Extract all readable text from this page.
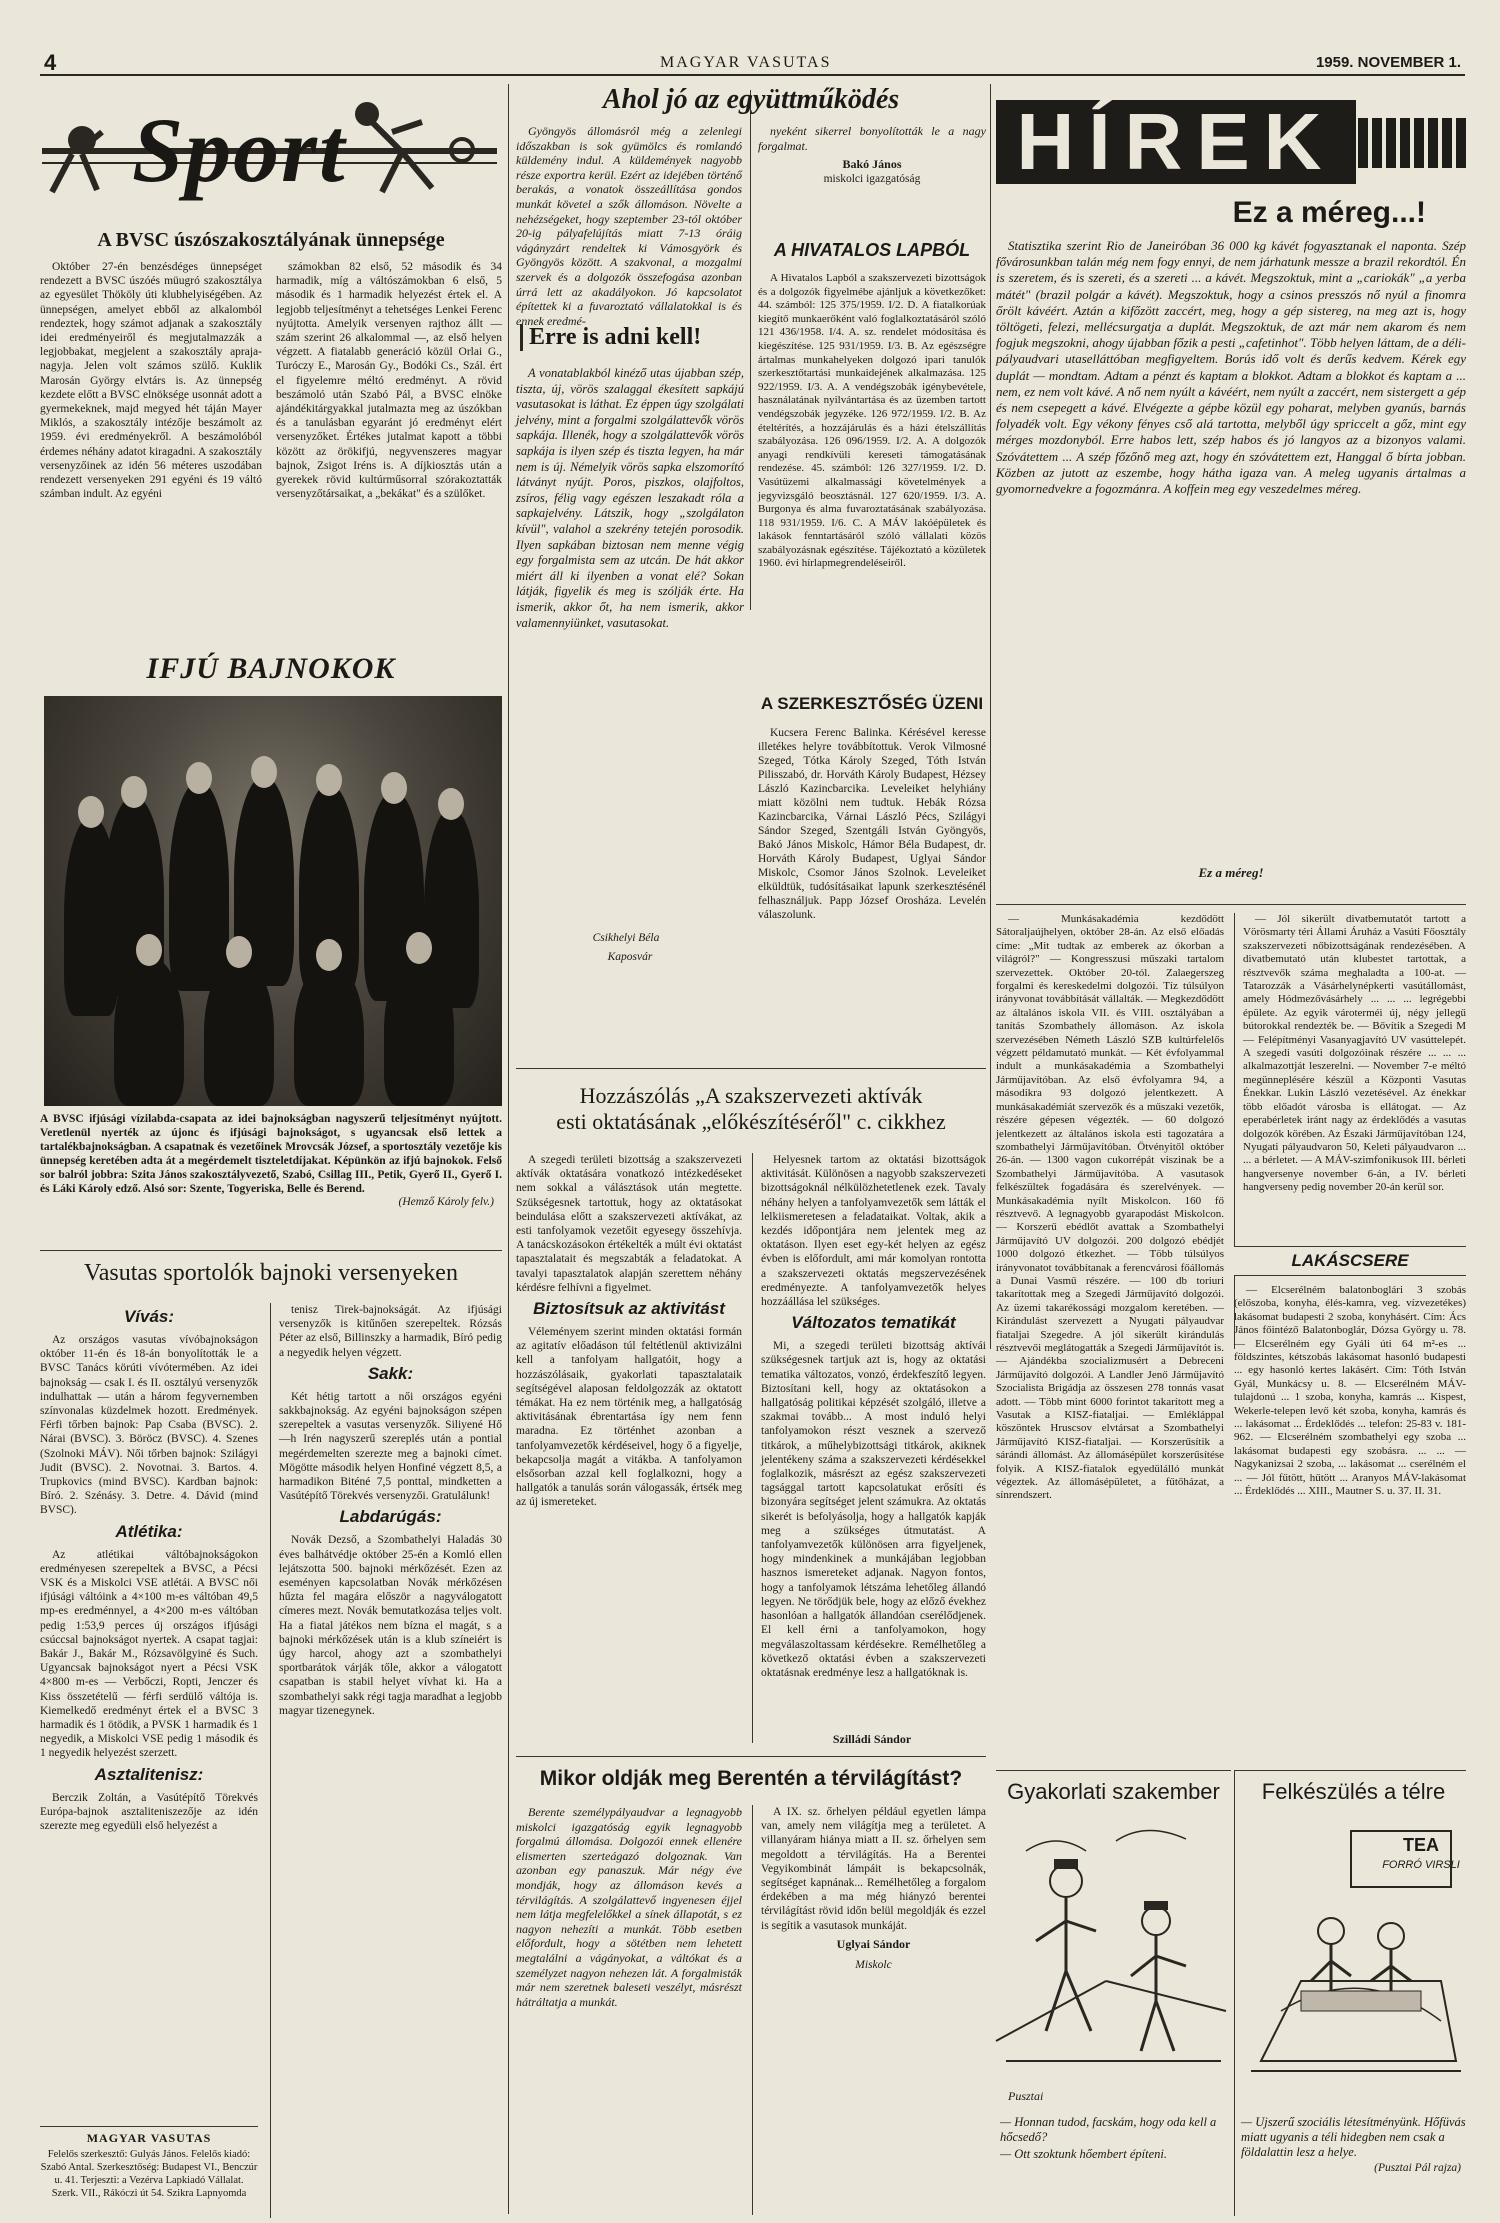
4	MAGYAR VASUTAS	1959. NOVEMBER 1.
Sport
A BVSC úszószakosztályának ünnepsége

Október 27-én benzésdéges ünnepséget rendezett a BVSC úszóés müugró szakosztálya az egyesület Thököly úti klubhelyiségében. Az ünnepségen, amelyet ebből az alkalomból rendeztek, hogy számot adjanak a szakosztály idei eredményeiről és megjutalmazzák a legjobbakat, megjelent a szakosztály apraja-nagyja. Jelen volt számos szülő. Kuklik Marosán György elvtárs is. Az ünnepség kezdete előtt a BVSC elnöksége usonnát adott a gyermekeknek, majd megyed hét táján Mayer Miklós, a szakosztály intézője beszámolt az 1959. évi eredményekről. A beszámolóból érdemes néhány adatot kiragadni. A szakosztály versenyzőinek az idén 56 méteres uszodában rendezett versenyeken 291 egyéni és 19 váltó számban indult. Az egyéni

számokban 82 első, 52 második és 34 harmadik, míg a váltószámokban 6 első, 5 második és 1 harmadik helyezést értek el. A legjobb teljesítményt a tehetséges Lenkei Ferenc nyújtotta. Amelyik versenyen rajthoz állt — szám szerint 26 alkalommal —, az első helyen végzett. A fiatalabb generáció közül Orlai G., Turóczy E., Marosán Gy., Bodóki Cs., Szál. ért el figyelemre méltó eredményt. A rövid beszámoló után Szabó Pál, a BVSC elnöke ajándékitárgyakkal jutalmazta meg az úszókban és a tanulásban egyaránt jó eredményt elért versenyzőket. Értékes jutalmat kapott a többi között az örökifjú, negyvenszeres magyar bajnok, Zsigot Iréns is. A díjkiosztás után a gyerekek rövid kultúrműsorral szórakoztatták versenyzőtársaikat, a „bekákat" és a szülőket.

IFJÚ BAJNOKOK

A BVSC ifjúsági vízilabda-csapata az idei bajnokságban nagyszerű teljesítményt nyújtott. Veretlenül nyerték az újonc és ifjúsági bajnokságot, s ugyancsak első lettek a tartalékbajnokságban. A csapatnak és vezetőinek Mrovcsák József, a sportosztály vezetője kis ünnepség keretében adta át a megérdemelt tiszteletdíjakat. Képünkön az ifjú bajnokok. Felső sor balról jobbra: Szita János szakosztályvezető, Szabó, Csillag III., Petik, Gyerő II., Gyerő I. és Láki Károly edző. Alsó sor: Szente, Togyeriska, Belle és Berend.

(Hemző Károly felv.)

Vasutas sportolók bajnoki versenyeken
Vívás:

Az országos vasutas vívóbajnokságon október 11-én és 18-án bonyolították le a BVSC Tanács körúti vívótermében. Az idei bajnokság — csak I. és II. osztályú versenyzők indulhattak — után a három fegyvernemben színvonalas küzdelmek hozott. Eredmények. Férfi tőrben bajnok: Pap Csaba (BVSC). 2. Nárai (BVSC). 3. Böröcz (BVSC). 4. Szenes (Szolnoki MÁV). Női tőrben bajnok: Szilágyi Judit (BVSC). 2. Novotnai. 3. Bartos. 4. Trupkovics (mind BVSC). Kardban bajnok: Bíró. 2. Szénásy. 3. Detre. 4. Dávid (mind BVSC).

Atlétika:

Az atlétikai váltóbajnokságokon eredményesen szerepeltek a BVSC, a Pécsi VSK és a Miskolci VSE atlétái. A BVSC női ifjúsági váltóink a 4×100 m-es váltóban 49,5 mp-es eredménnyel, a 4×200 m-es váltóban pedig 1:53,9 perces új országos ifjúsági csúccsal bajnokságot nyertek. A csapat tagjai: Bakár J., Bakár M., Rózsavölgyiné és Such. Ugyancsak bajnokságot nyert a Pécsi VSK 4×800 m-es — Verbőczi, Ropti, Jenczer és Kiss összetételű — férfi serdülő váltója is. Kiemelkedő eredményt értek el a BVSC 3 harmadik és 1 ötödik, a PVSK 1 harmadik és 1 negyedik, a Miskolci VSE pedig 1 második és 1 negyedik helyezést szerzett.

Asztalitenisz:

Berczik Zoltán, a Vasútépítő Törekvés Európa-bajnok asztaliteniszezője az idén szerezte meg egyedüli első helyezést a

MAGYAR VASUTAS

Felelős szerkesztő: Gulyás János. Felelős kiadó: Szabó Antal. Szerkesztőség: Budapest VI., Benczúr u. 41. Terjeszti: a Vezérva Lapkiadó Vállalat. Szerk. VII., Rákóczi út 54. Szikra Lapnyomda

tenisz Tirek-bajnokságát. Az ifjúsági versenyzők is kitűnően szerepeltek. Rózsás Péter az első, Billinszky a harmadik, Bíró pedig a negyedik helyen végzett.

Sakk:

Két hétig tartott a női országos egyéni sakkbajnokság. Az egyéni bajnokságon szépen szerepeltek a vasutas versenyzők. Siliyené Hő—h Irén nagyszerű szereplés után a pontial megérdemelten szerezte meg a bajnoki címet. Mögötte második helyen Honfiné végzett 8,5, a harmadikon Biténé 7,5 ponttal, mindketten a Vasútépítő Törekvés versenyzői. Gratulálunk!

Labdarúgás:

Novák Dezső, a Szombathelyi Haladás 30 éves balhátvédje október 25-én a Komló ellen lejátszotta 500. bajnoki mérkőzését. Ezen az eseményen kapcsolatban Novák mérkőzésen hűzta fel magára először a nagyválogatott címeres mezt. Novák bemutatkozása teljes volt. Ha a fiatal játékos nem bízna el magát, s a bajnoki mérkőzések után is a klub színeiért is úgy harcol, ahogy azt a szombathelyi sportbarátok várják tőle, akkor a válogatott csapatban is stabil helyet vívhat ki. Ha a szombathelyi sakk régi tagja maradhat a legjobb magyar tizenegynek.

Ahol jó az együttműködés

Gyöngyös állomásról még a zelenlegi időszakban is sok gyümölcs és romlandó küldemény indul. A küldemények nagyobb része exportra kerül. Ezért az idejében történő berakás, a vonatok összeállítása gondos munkát követel a szők állomáson. Növelte a nehézségeket, hogy szeptember 23-tól október 20-ig pályafelújítás miatt 7-13 óráig vágányzárt rendeltek ki Vámosgyörk és Gyöngyös között. A szakvonal, a mozgalmi szervek és a dolgozók összefogása azonban úrrá lett az akadályokon. Jó kapcsolatot építettek ki a fuvaroztató vállalatokkal is és ennek eredmé-

nyeként sikerrel bonyolították le a nagy forgalmat.

Bakó János
miskolci igazgatóság
A HIVATALOS LAPBÓL

A Hivatalos Lapból a szakszervezeti bizottságok és a dolgozók figyelmébe ajánljuk a következőket: 44. számból: 125 375/1959. I/2. D. A fiatalkorúak kiegítő munkaerőként való foglalkoztatásáról szóló 121 436/1958. I/4. A. sz. rendelet módosítása és kiegészítése. 125 931/1959. I/3. B. Az egészségre ártalmas munkahelyeken dolgozó ipari tanulók szerkesztőtartási munkaidejének alkalmazása. 125 922/1959. I/3. A. A vendégszobák igénybevétele, használatának nyilvántartása és az üzemben tartott vendégszobák jegyzéke. 126 972/1959. I/2. B. Az ételtérítés, a hozzájárulás és a házi ételszállítás szabályozása. 126 096/1959. I/2. A. A dolgozók anyagi rendkívüli kereseti támogatásának rendezése. 45. számból: 126 327/1959. I/2. D. Vasútüzemi alkalmassági követelmények a jegyvizsgáló beosztásnál. 127 620/1959. I/3. A. Burgonya és alma fuvaroztatásának szabályozása. 118 931/1959. I/6. C. A MÁV lakóépületek és lakások fenntartásáról szóló vállalati közös szabályozásnak egészítése. Tájékoztató a közületek 1960. évi hírlapmegrendeléseiről.

Erre is adni kell!

A vonatablakból kinéző utas újabban szép, tiszta, új, vörös szalaggal ékesített sapkájú vasutasokat is láthat. Ez éppen úgy szolgálati jelvény, mint a forgalmi szolgálattevők vörös sapkája. Illenék, hogy a szolgálattevők vörös sapkája is ilyen szép és tiszta legyen, ha már nem is új. Némelyik vörös sapka elszomorító látványt nyújt. Poros, piszkos, olajfoltos, zsíros, félig vagy egészen leszakadt róla a sapkajelvény. Látszik, hogy „szolgálaton kívül", valahol a szekrény tetején porosodik. Ilyen sapkában biztosan nem menne végig egy forgalmista sem az utcán. De hát akkor miért áll ki ilyenben a vonat elé? Sokan látják, figyelik és meg is szólják érte. Ha ismerik, akkor őt, ha nem ismerik, akkor valamennyiünket, vasutasokat.

Csikhelyi Béla
Kaposvár
A SZERKESZTŐSÉG ÜZENI

Kucsera Ferenc Balinka. Kérésével keresse illetékes helyre továbbítottuk. Verok Vilmosné Szeged, Tótka Károly Szeged, Tóth István Pilisszabó, dr. Horváth Károly Budapest, Hézsey László Kazincbarcika. Leveleiket helyhiány miatt közölni nem tudtuk. Hebák Rózsa Kazincbarcika, Várnai László Pécs, Szilágyi Sándor Szeged, Szentgáli István Gyöngyös, Bakó János Miskolc, Hámor Béla Budapest, dr. Horváth Károly Budapest, Uglyai Sándor Miskolc, Csomor János Szolnok. Leveleiket elküldtük, tudósításaikat lapunk szerkesztésénél felhasználjuk. Papp József Orosháza. Levelén válaszolunk.

Hozzászólás „A szakszervezeti aktívák
esti oktatásának „előkészítéséről" c. cikkhez

A szegedi területi bizottság a szakszervezeti aktívák oktatására vonatkozó intézkedéseket nem sokkal a válásztások után megtette. Szükségesnek tartottuk, hogy az oktatásokat beindulása előtt a szakszervezeti aktívákat, az esti tanfolyamok vezetőit egyesegy összehívja. A tanácskozásokon értékelték a múlt évi oktatást tapasztalatait és megszabták a feladatokat. A tavalyi tapasztalatok alapján szerettem néhány kérdésre felhívni a figyelmet.

Biztosítsuk az aktivitást

Véleményem szerint minden oktatási formán az agitatív előadáson túl feltétlenül aktivizálni kell a tanfolyam hallgatóit, hogy a hozzászólásaik, gyakorlati tapasztalataik segítségével alaposan feldolgozzák az oktatott témákat. Ha ez nem történik meg, a hallgatóság aktivitásának ébrentartása így nem fenn maradna. Ez történhet azonban a tanfolyamvezetők kérdéseivel, hogy ő a figyelje, bekapcsolja magát a vitákba. A tanfolyamon elsősorban azzal kell foglalkozni, hogy a hallgatók a tanulás során válogassák, értsék meg az új ismereteket.

Helyesnek tartom az oktatási bizottságok aktivitását. Különösen a nagyobb szakszervezeti bizottságoknál nélkülözhetetlenek ezek. Tavaly néhány helyen a tanfolyamvezetők sem látták el lelkiismeretesen a feladataikat. Voltak, akik a kezdés időpontjára nem jelentek meg az oktatáson. Ilyen eset egy-két helyen az egész évben is előfordult, ami már komolyan rontotta a szakszervezeti oktatás megszervezésének eredményezte. A tanfolyamvezetők helyes hozzáállása lel szükséges.

Változatos tematikát

Mi, a szegedi területi bizottság aktívái szükségesnek tartjuk azt is, hogy az oktatási tematika változatos, vonzó, érdekfeszítő legyen. Biztosítani kell, hogy az oktatásokon a hallgatóság politikai képzését szolgáló, illetve a szakmai tovább... A most induló helyi tanfolyamokon részt vesznek a szervező titkárok, a műhelybizottsági titkárok, akiknek jelentékeny száma a szakszervezeti kérdésekkel foglalkozik, másrészt az egész szakszervezeti tagsággal tartott kapcsolatukat erősíti és bizonyára segítséget jelent számukra. Az oktatás sikerét is befolyásolja, hogy a hallgatók kapják meg a szükséges útmutatást. A tanfolyamvezetők különösen arra figyeljenek, hogy mindenkinek a munkájában legjobban hasznos ismereteket adjanak. Nagyon fontos, hogy a tanfolyamok létszáma lehetőleg állandó legyen. Ne törődjük bele, hogy az előző évekhez hasonlóan a hallgatók állandóan cserélődjenek. El kell érni a tanfolyamokon, hogy megválaszoltassam kérdésekre. Remélhetőleg a következő oktatási évben a szakszervezeti oktatásnak eredménye lesz a hallgatóknak is.

Szilládi Sándor
Mikor oldják meg Berentén a térvilágítást?

Berente személypályaudvar a legnagyobb miskolci igazgatóság egyik legnagyobb forgalmú állomása. Dolgozói ennek ellenére elismerten szerteágazó dolgoznak. Van azonban egy panaszuk. Már négy éve mondják, hogy az állomáson kevés a térvilágítás. A szolgálattevő ingyenesen éjjel nem látja megfelelőkkel a sínek állapotát, s ez nagyon nehezíti a munkát. Több esetben előfordult, hogy a sötétben nem lehetett megtalálni a vágányokat, a váltókat és a személyzet nagyon nehezen lát. A forgalmisták már nem szeretnek baleseti veszélyt, másrészt hátráltatja a munkát.

A IX. sz. őrhelyen például egyetlen lámpa van, amely nem világítja meg a területet. A villanyáram hiánya miatt a II. sz. őrhelyen sem megoldott a térvilágítás. Ha a Berentei Vegyikombinát lámpáit is bekapcsolnák, segítséget kapnának... Remélhetőleg a forgalom érdekében a ma még hiányzó berentei térvilágítást rövid időn belül megoldják és ezzel is segítik a vasutasok munkáját.

Uglyai Sándor
Miskolc
HÍREK
Ez a méreg...!

Statisztika szerint Rio de Janeiróban 36 000 kg kávét fogyasztanak el naponta. Szép fővárosunkban talán még nem fogy ennyi, de nem járhatunk messze a brazil rekordtól. Én is szeretem, és is szereti, és a szereti ... a kávét. Megszoktuk, mint a „cariokák" „a yerba mátét" (brazil polgár a kávét). Megszoktuk, hogy a csinos presszós nő nyúl a finomra őrölt kávéért. Aztán a kifőzött zaccért, meg, hogy a gép sistereg, na meg azt is, hogy töltögeti, felezi, mellécsurgatja a duplát. Megszoktuk, de azt már nem akarom és nem fogjuk megszokni, ahogy újabban főzik a pesti „cafetinhot". Több helyen láttam, de a déli-pályaudvari utaselláttóban megfigyeltem. Borús idő volt és derűs kedvem. Kérek egy duplát — mondtam. Adtam a pénzt és kaptam a blokkot. Adtam a blokkot és kaptam a ... nem, ez nem volt kávé. A nő nem nyúlt a kávéért, nem nyúlt a zaccért, nem sistergett a gép és nem csepegett a kávé. Elvégezte a gépbe közül egy poharat, melyben gyanús, barnás folyadék volt. Egy vékony fényes cső alá tartotta, melyből úgy spriccelt a gőz, mint egy mérges mozdonyból. Erre habos lett, szép habos és jó langyos az a bizonyos valami. Szóvátettem ... A szép főzőnő meg azt, hogy én szóvátettem ezt, Hanggal ő bírta jobban. Közben az jutott az eszembe, hogy hátha igaza van. A meleg ugyanis ártalmas a gyomornedvekre a fogozmánra. A koffein meg egy veszedelmes méreg.

Ez a méreg!

— Munkásakadémia kezdődött Sátoraljaújhelyen, október 28-án. Az első előadás címe: „Mit tudtak az emberek az ókorban a világról?" — Kongresszusi műszaki tartalom szervezettek. Október 20-tól. Zalaegerszeg forgalmi és kereskedelmi dolgozói. Tíz túlsúlyon irányvonat továbbítását vállalták. — Megkezdődött az általános iskola VII. és VIII. osztályában a tanítás Szombathely állomáson. Az iskola szervezésében Németh László SZB kultúrfelelős végzett példamutató munkát. — Két évfolyammal indult a munkásakadémia a Szombathelyi Járműjavítóban. Az első évfolyamra 94, a másodikra 93 dolgozó jelentkezett. A munkásakadémiát szervezők és a műszaki vezetők, részére gépesen végezték. — 60 dolgozó jelentkezett az általános iskola esti tagozatára a szombathelyi Járműjavítóban. Ötvényitől október 26-án. — 1300 vagon cukorrépát viszinak be a Szombathelyi Járműjavítóba. A vasutasok felkészültek fogadására és szerelvények. — Munkásakadémia nyílt Miskolcon. 160 fő résztvevő. A legnagyobb gyarapodást Miskolcon. — Korszerű ebédlőt avattak a Szombathelyi Járműjavító UV dolgozói. 200 dolgozó ebédjét 1000 dolgozó étkezhet. — Több túlsúlyos irányvonatot továbbítanak a ferencvárosi főállomás a Dunai Vasmű részére. — 100 db toriuri takarítottak meg a Szegedi Járműjavító dolgozói. Az üzemi takarékossági mozgalom keretében. — Kirándulást szervezett a Nyugati pályaudvar fiataljai Szegedre. A jól sikerült kirándulás résztvevői meglátogatták a Szegedi Járműjavítót is. — Ajándékba szocializmusért a Debreceni Járműjavító dolgozói. A Landler Jenő Járműjavító Szocialista Brigádja az összesen 278 tonnás vasat adott. — Több mint 6000 forintot takarított meg a Vasutak a KISZ-fiataljai. — Emlékláppal köszöntek Hruscsov elvtársat a Szombathelyi Járműjavító KISZ-fiataljai. — Korszerűsítik a sárándi állomást. Az állomásépület korszerűsítése folyik. A KISZ-fiatalok egyedülálló munkát végeztek. Az állomásépületet, a fűtőházat, a sínrendszert.

— Jól sikerült divatbemutatót tartott a Vörösmarty téri Állami Áruház a Vasúti Főosztály szakszervezeti nőbizottságának rendezésében. A divatbemutató után klubestet tartottak, a résztvevők száma meghaladta a 100-at. — Tatarozzák a Vásárhelynépkerti vasútállomást, amely Hódmezővásárhely ... ... ... legrégebbi épülete. Az egyik vároterméi új, négy jellegű bútorokkal rendezték be. — Bővítik a Szegedi M— Felépítményi Vasanyagjavító UV vasúttelepét. A szegedi vasúti dolgozóinak részére ... ... ... alkalmazottját leszerelni. — November 7-e méltó megünneplésére készül a Központi Vasutas Énekkar. Lukin László vezetésével. Az énekkar több előadót városba is ellátogat. — Az eperabérletek iránt nagy az érdeklődés a vasutas dolgozók körében. Az Északi Járműjavítóban 124, Nyugati pályaudvaron 50, Keleti pályaudvaron ... ... a bérletet. — A MÁV-szimfonikusok III. bérleti hangversenye november 6-án, a IV. bérleti hangverseny pedig november 20-án kerül sor.

LAKÁSCSERE

— Elcserélném balatonboglári 3 szobás (előszoba, konyha, élés-kamra, veg. vízvezetékes) lakásomat budapesti 2 szoba, konyhásért. Cím: Ács János főintéző Balatonboglár, Dózsa György u. 78. — Elcserélném egy Gyáli úti 64 m²-es ... földszintes, kétszobás lakásomat hasonló budapesti ... egy hasonló kertes lakásért. Cím: Tóth István Gyál, Munkácsy u. 8. — Elcserélném MÁV-tulajdonú ... 1 szoba, konyha, kamrás ... Kispest, Wekerle-telepen levő két szoba, konyha, kamrás és ... lakásomat ... Érdeklődés ... telefon: 25-83 v. 181-962. — Elcserélném szombathelyi egy szoba ... lakásomat budapesti egy szobásra. ... ... — Nagykanizsai 2 szoba, ... lakásomat ... cserélném el ... — Jól fűtött, hűtött ... Aranyos MÁV-lakásomat ... Érdeklődés ... XIII., Mautner S. u. 37. II. 31.

Gyakorlati szakember
Pusztai

— Honnan tudod, facskám, hogy oda kell a hőcsedő?

— Ott szoktunk hőembert építeni.

Felkészülés a télre
TEA
FORRÓ VIRSLI

— Ujszerű szociális létesítményünk. Hőfüvás miatt ugyanis a téli hidegben nem csak a földalattin lesz a helye.

(Pusztai Pál rajza)
